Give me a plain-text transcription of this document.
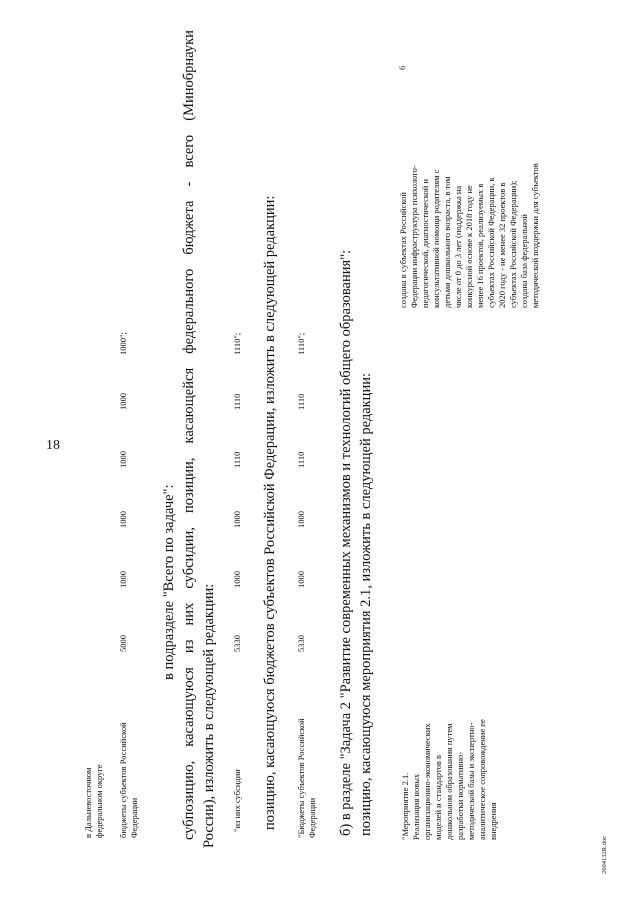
18
в Дальневосточном федеральном округе бюджеты субъектов Российской Федерации
5000
1000
1000
1000
1000
1000";
в подразделе "Всего по задаче":
субпозицию,
касающуюся
из
них
субсидии,
позиции,
касающейся
федерального
бюджета
-
всего
(Минобрнауки
России), изложить в следующей редакции: "из них субсидии
5330
1000
1000
1110
1110
1110"; позицию, касающуюся бюджетов субъектов Российской Федерации, изложить в следующей редакции: "Бюджеты субъектов Российской Федерации
5330
1000
1000
1110
1110
1110"; б) в разделе "Задача 2 "Развитие современных механизмов и технологий общего образования": позицию, касающуюся мероприятия 2.1, изложить в следующей редакции:	"Мероприятие 2.1. Реализация новых организационно-экономических моделей и стандартов в дошкольном образовании путем разработки нормативно- методической базы и экспертно- аналитическое сопровождение ее внедрения
создана в субъектах Российской Федерации инфраструктура психолого- педагогической, диагностической и консультативной помощи родителям с детьми дошкольного возраста, в том числе от 0 до 3 лет (поддержка на конкурсной основе к 2018 году не менее 16 проектов, реализуемых в субъектах Российской Федерации, к 2020 году - не менее 32 проектов в субъектах Российской Федерации); создана база федеральной методической поддержки для субъектов
6
2604132R.doc
